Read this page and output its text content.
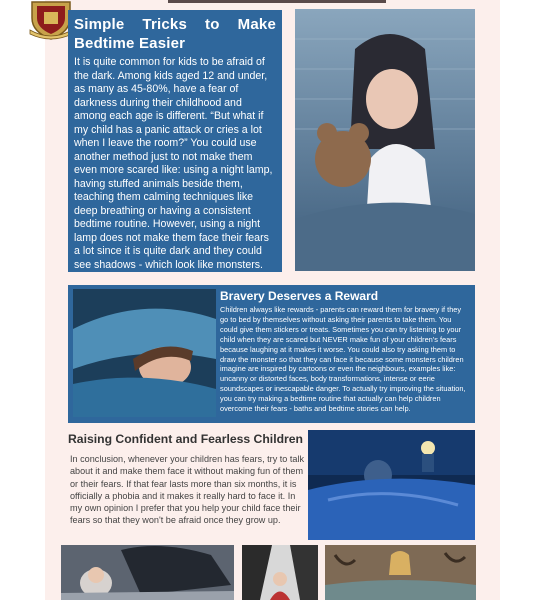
Simple Tricks to Make Bedtime Easier

It is quite common for kids to be afraid of the dark. Among kids aged 12 and under, as many as 45-80%, have a fear of darkness during their childhood and among each age is different. “But what if my child has a panic attack or cries a lot when I leave the room?” You could use another method just to not make them even more scared like: using a night lamp, having stuffed animals beside them, teaching them calming techniques like deep breathing or having a consistent bedtime routine. However, using a night lamp does not make them face their fears a lot since it is quite dark and they could see shadows - which look like monsters.

Bravery Deserves a Reward

Children always like rewards - parents can reward them for bravery if they go to bed by themselves without asking their parents to take them. You could give them stickers or treats. Sometimes you can try listening to your child when they are scared but NEVER make fun of your children's fears because laughing at it makes it worse. You could also try asking them to draw the monster so that they can face it because some monsters children imagine are inspired by cartoons or even the neighbours, examples like: uncanny or distorted faces, body transformations, intense or eerie soundscapes or inescapable danger. To actually try improving the situation, you can try making a bedtime routine that actually can help children overcome their fears - baths and bedtime stories can help.

Raising Confident and Fearless Children

In conclusion, whenever your children has fears, try to talk about it and make them face it without making fun of them or their fears. If that fear lasts more than six months, it is officially a phobia and it makes it really hard to face it. In my own opinion I prefer that you help your child face their fears so that they won't be afraid once they grow up.
